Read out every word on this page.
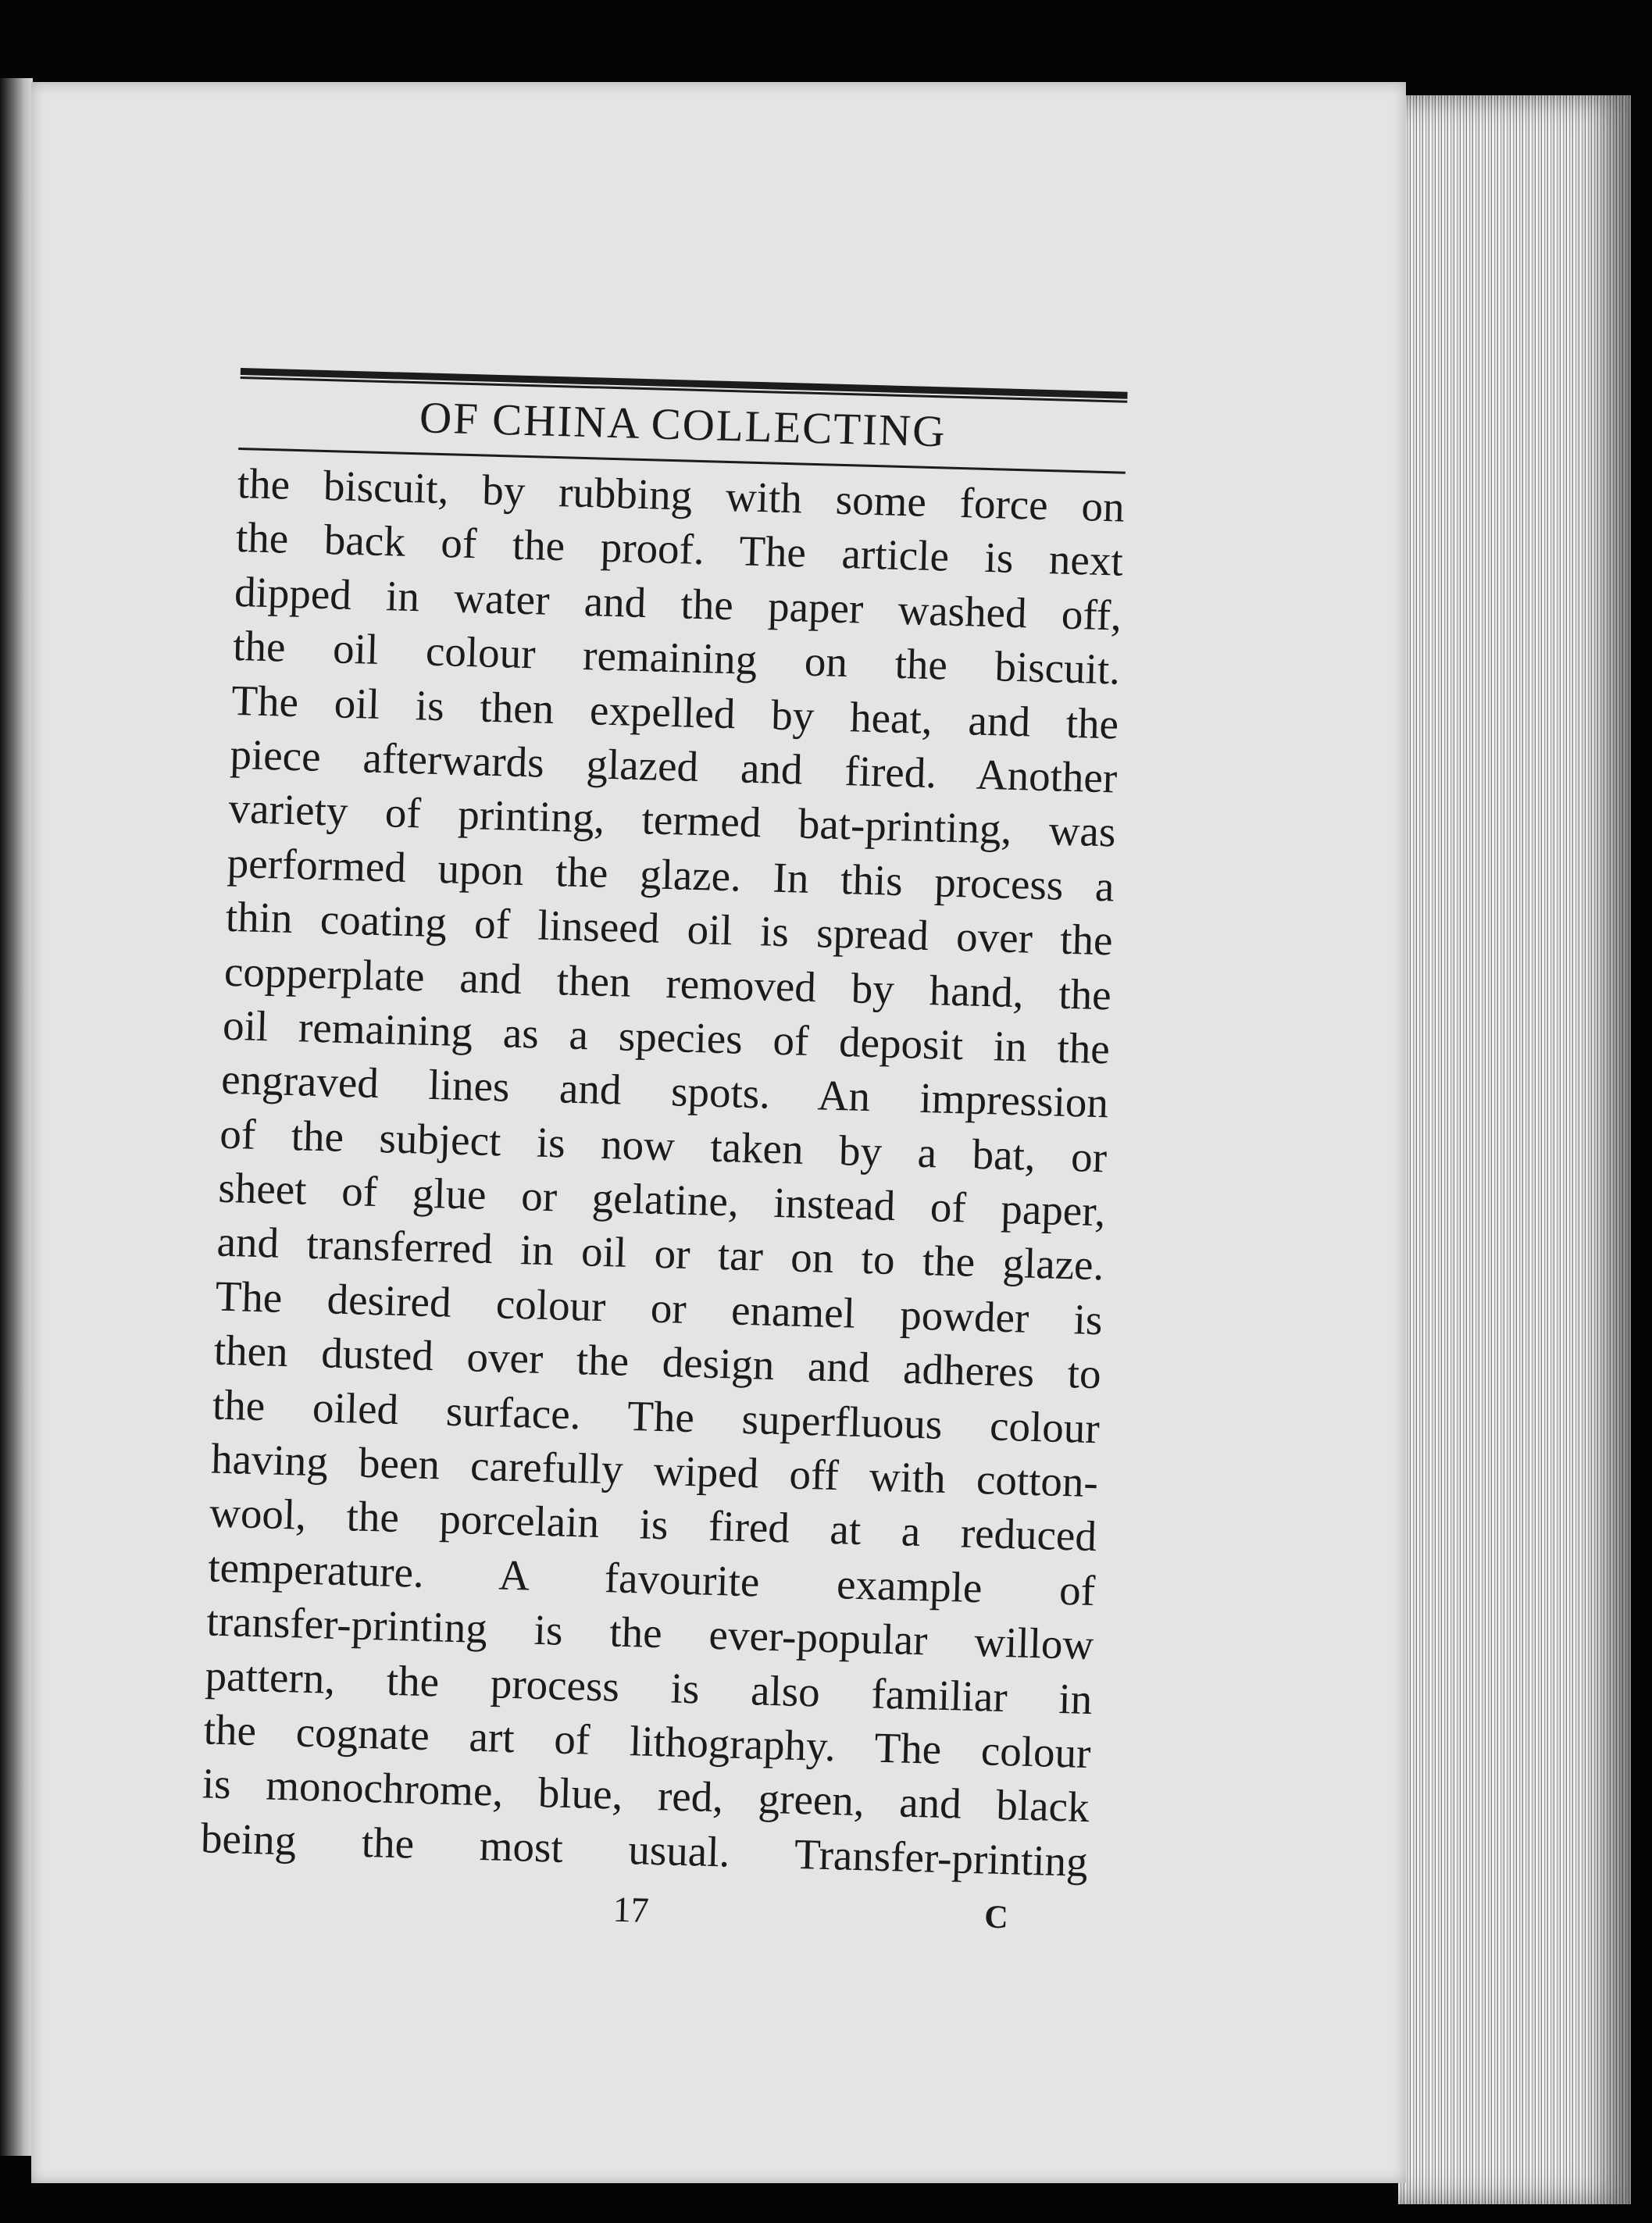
OF CHINA COLLECTING
the biscuit, by rubbing with some force on
the back of the proof. The article is next
dipped in water and the paper washed off,
the oil colour remaining on the biscuit.
The oil is then expelled by heat, and the
piece afterwards glazed and fired. Another
variety of printing, termed bat-printing, was
performed upon the glaze. In this process a
thin coating of linseed oil is spread over the
copperplate and then removed by hand, the
oil remaining as a species of deposit in the
engraved lines and spots. An impression
of the subject is now taken by a bat, or
sheet of glue or gelatine, instead of paper,
and transferred in oil or tar on to the glaze.
The desired colour or enamel powder is
then dusted over the design and adheres to
the oiled surface. The superfluous colour
having been carefully wiped off with cotton-
wool, the porcelain is fired at a reduced
temperature. A favourite example of
transfer-printing is the ever-popular willow
pattern, the process is also familiar in
the cognate art of lithography. The colour
is monochrome, blue, red, green, and black
being the most usual. Transfer-printing
17	C
